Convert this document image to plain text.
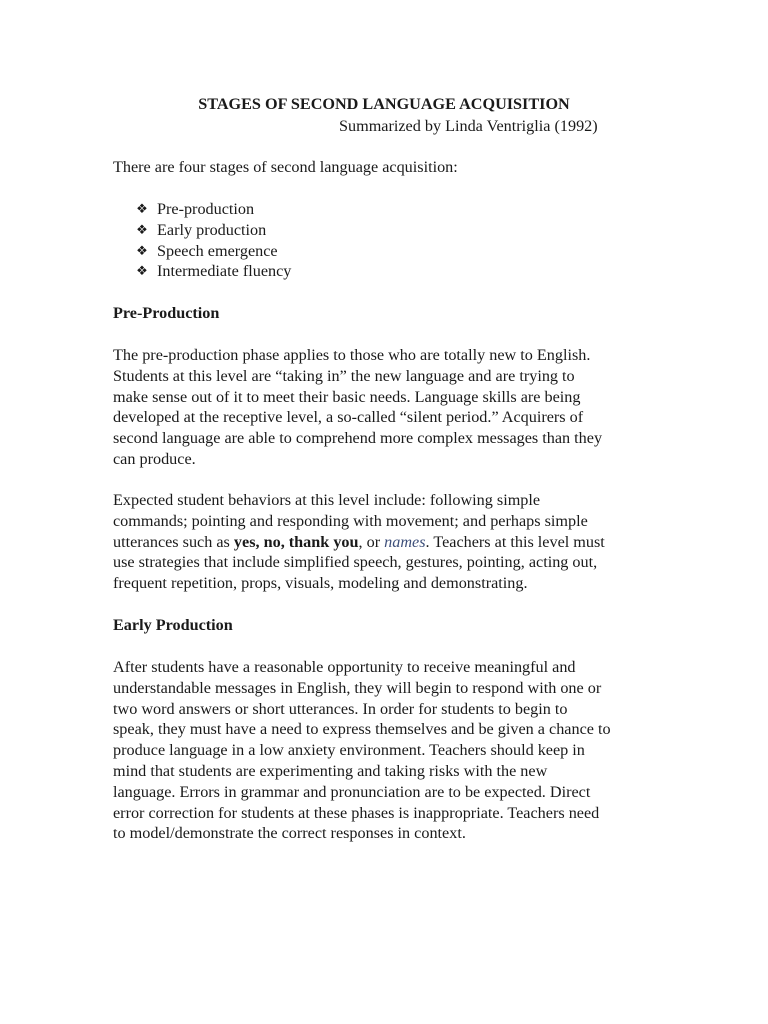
STAGES OF SECOND LANGUAGE ACQUISITION

Summarized by Linda Ventriglia (1992)

There are four stages of second language acquisition:

❖ Pre-production
❖ Early production
❖ Speech emergence
❖ Intermediate fluency

Pre-Production

The pre-production phase applies to those who are totally new to English.
Students at this level are “taking in” the new language and are trying to
make sense out of it to meet their basic needs. Language skills are being
developed at the receptive level, a so-called “silent period.” Acquirers of
second language are able to comprehend more complex messages than they
can produce.
Expected student behaviors at this level include: following simple
commands; pointing and responding with movement; and perhaps simple
utterances such as yes, no, thank you, or names. Teachers at this level must
use strategies that include simplified speech, gestures, pointing, acting out,
frequent repetition, props, visuals, modeling and demonstrating.

Early Production

After students have a reasonable opportunity to receive meaningful and
understandable messages in English, they will begin to respond with one or
two word answers or short utterances. In order for students to begin to
speak, they must have a need to express themselves and be given a chance to
produce language in a low anxiety environment. Teachers should keep in
mind that students are experimenting and taking risks with the new
language. Errors in grammar and pronunciation are to be expected. Direct
error correction for students at these phases is inappropriate. Teachers need
to model/demonstrate the correct responses in context.
